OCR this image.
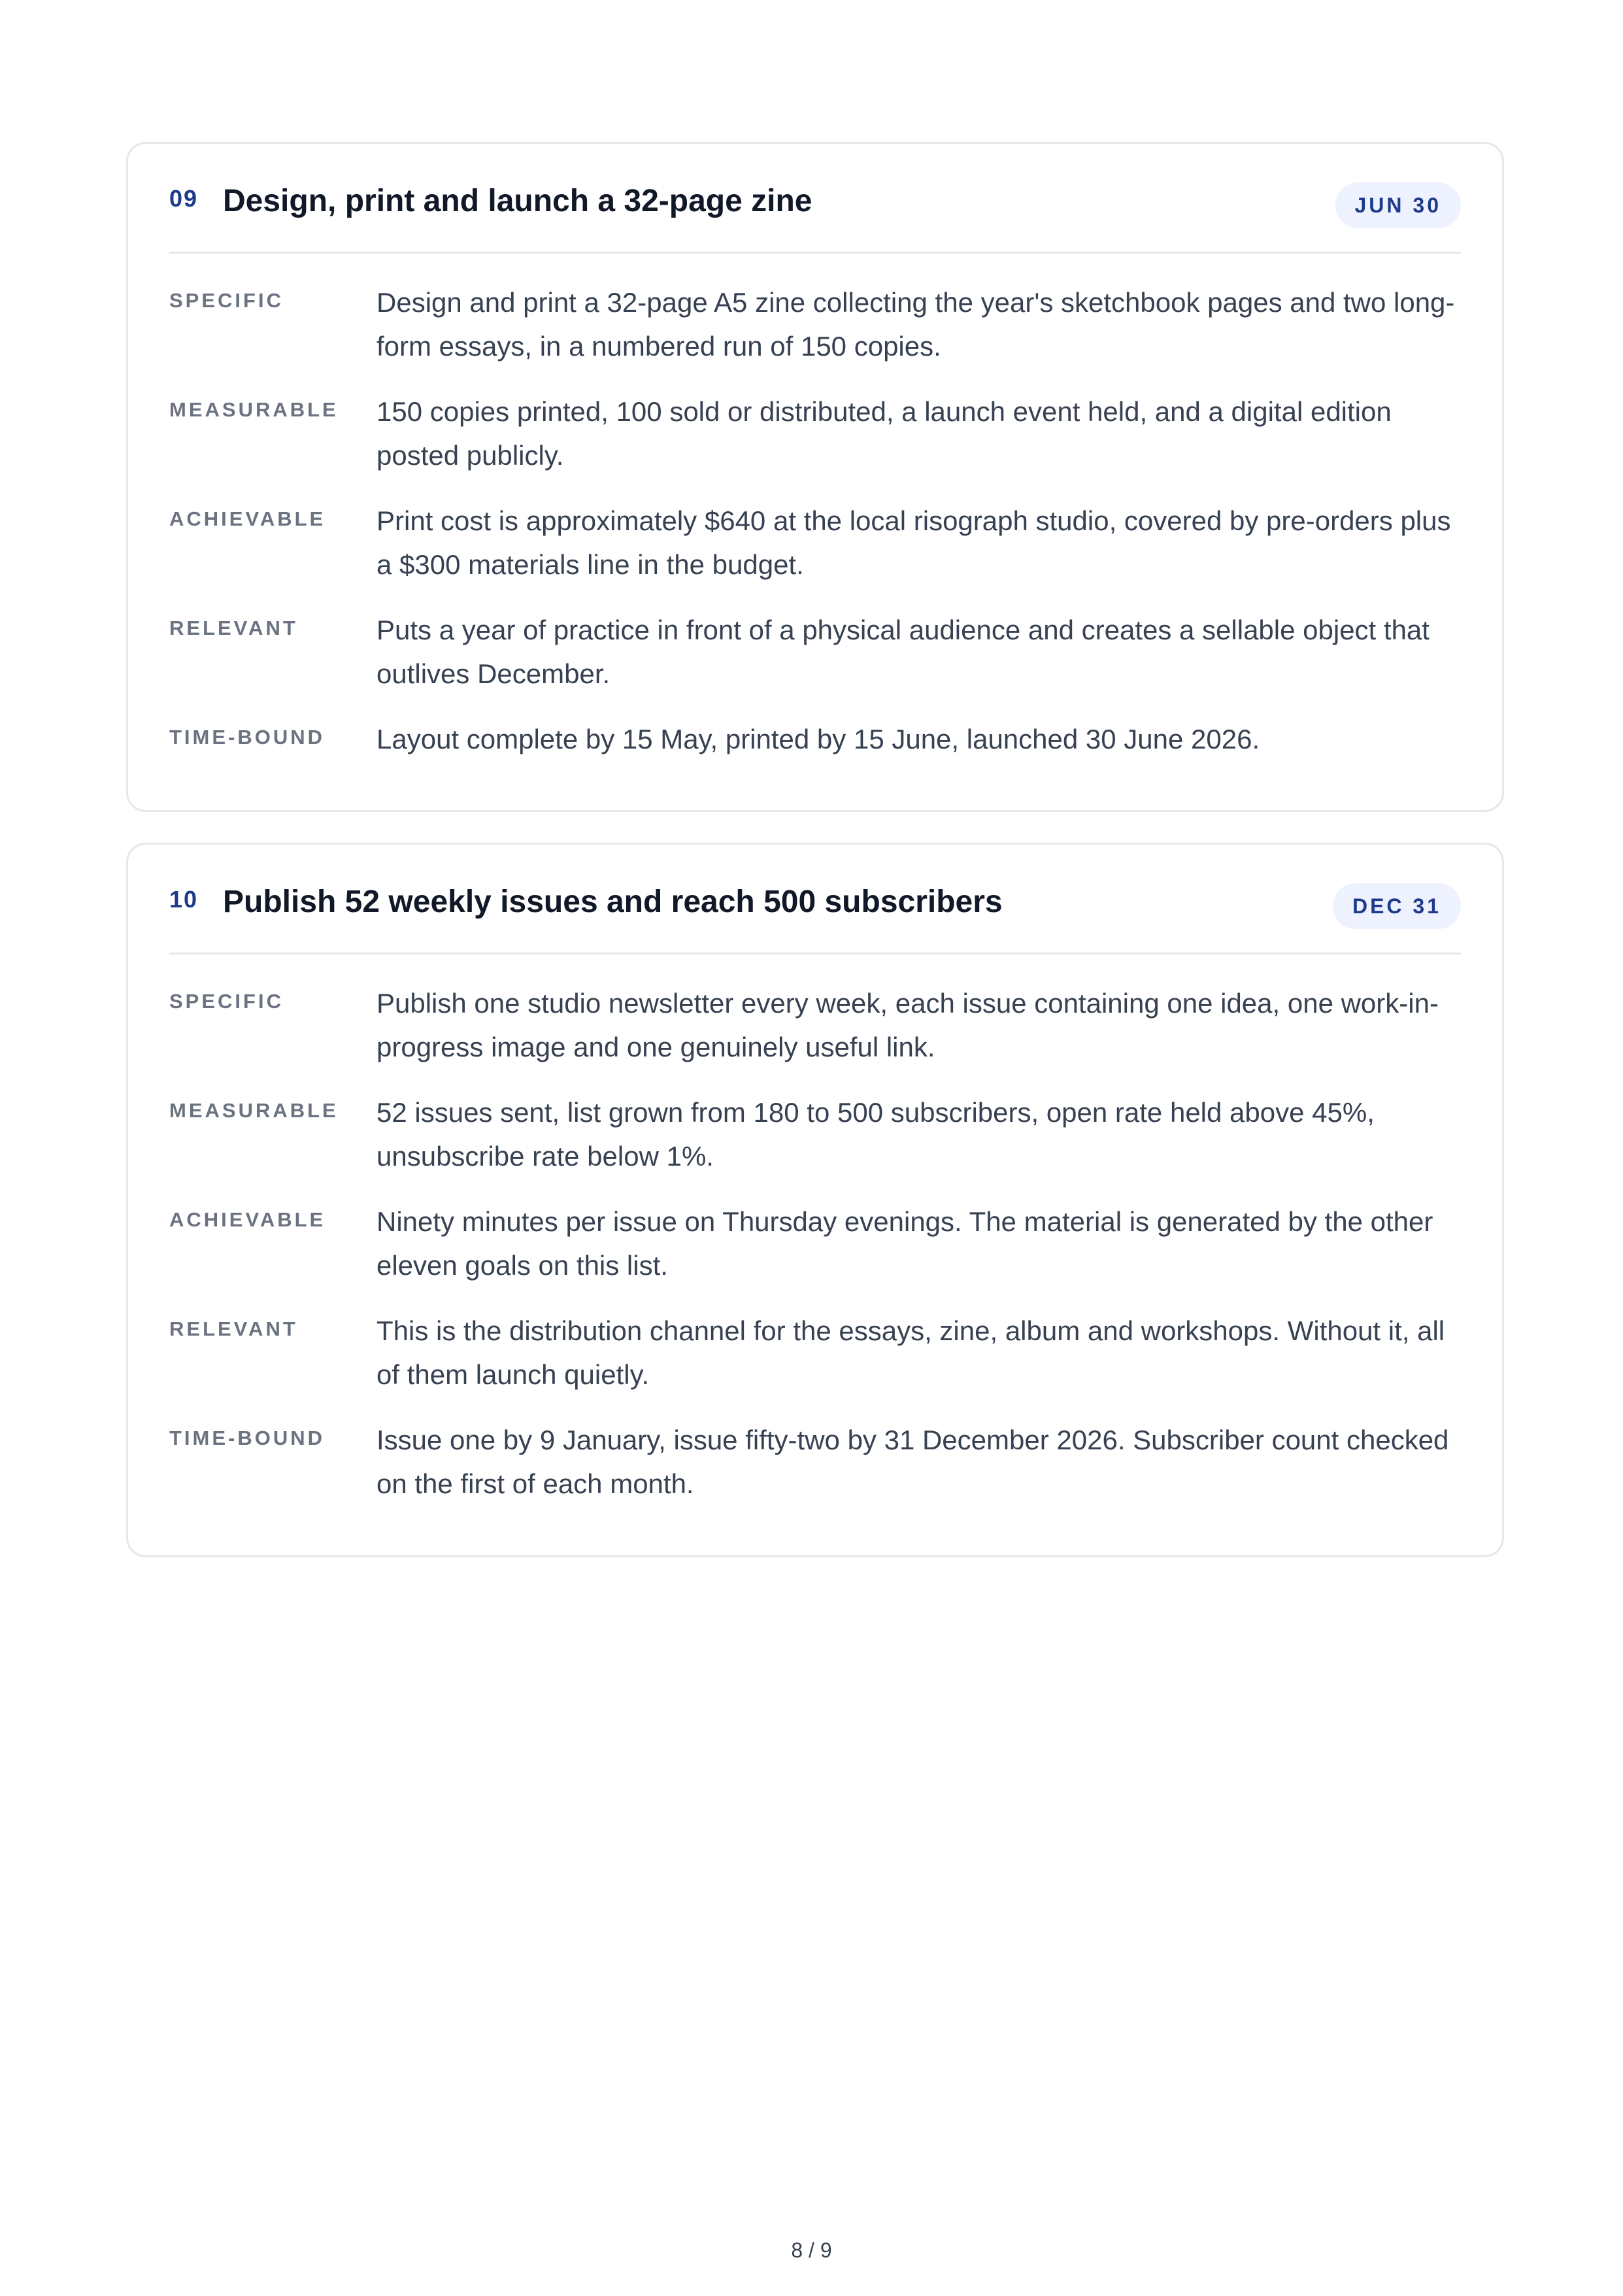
09 Design, print and launch a 32-page zine	JUN 30
SPECIFIC	Design and print a 32-page A5 zine collecting the year's sketchbook pages and two long-form essays, in a numbered run of 150 copies.
MEASURABLE	150 copies printed, 100 sold or distributed, a launch event held, and a digital edition posted publicly.
ACHIEVABLE	Print cost is approximately $640 at the local risograph studio, covered by pre-orders plus a $300 materials line in the budget.
RELEVANT	Puts a year of practice in front of a physical audience and creates a sellable object that outlives December.
TIME-BOUND	Layout complete by 15 May, printed by 15 June, launched 30 June 2026.
10 Publish 52 weekly issues and reach 500 subscribers	DEC 31
SPECIFIC	Publish one studio newsletter every week, each issue containing one idea, one work-in-progress image and one genuinely useful link.
MEASURABLE	52 issues sent, list grown from 180 to 500 subscribers, open rate held above 45%, unsubscribe rate below 1%.
ACHIEVABLE	Ninety minutes per issue on Thursday evenings. The material is generated by the other eleven goals on this list.
RELEVANT	This is the distribution channel for the essays, zine, album and workshops. Without it, all of them launch quietly.
TIME-BOUND	Issue one by 9 January, issue fifty-two by 31 December 2026. Subscriber count checked on the first of each month.
8 / 9
